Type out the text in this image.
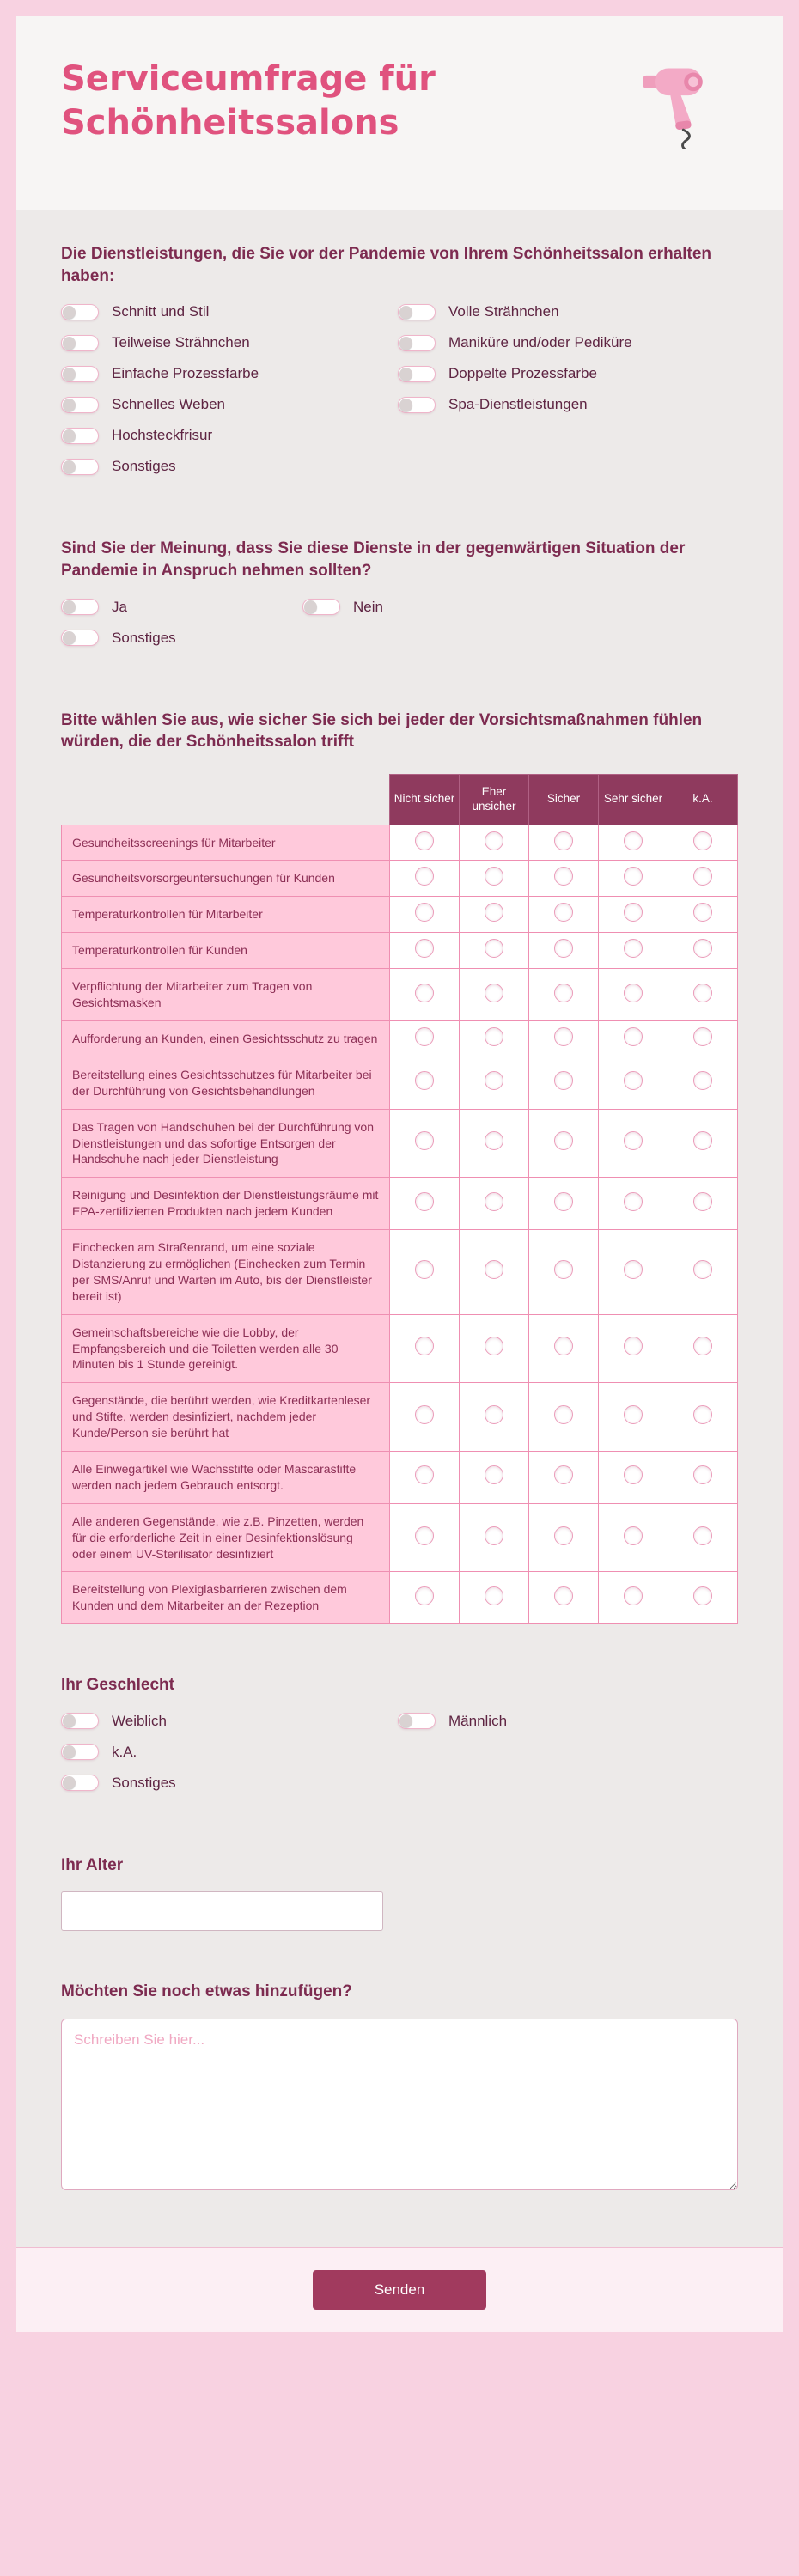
Serviceumfrage für Schönheitssalons
Die Dienstleistungen, die Sie vor der Pandemie von Ihrem Schönheitssalon erhalten haben:
Schnitt und Stil
Teilweise Strähnchen
Einfache Prozessfarbe
Schnelles Weben
Hochsteckfrisur
Sonstiges
Volle Strähnchen
Maniküre und/oder Pediküre
Doppelte Prozessfarbe
Spa-Dienstleistungen
Sind Sie der Meinung, dass Sie diese Dienste in der gegenwärtigen Situation der Pandemie in Anspruch nehmen sollten?
Ja
Sonstiges
Nein
Bitte wählen Sie aus, wie sicher Sie sich bei jeder der Vorsichtsmaßnahmen fühlen würden, die der Schönheitssalon trifft
	Nicht sicher	Eher unsicher	Sicher	Sehr sicher	k.A.
Gesundheitsscreenings für Mitarbeiter					
Gesundheitsvorsorgeuntersuchungen für Kunden					
Temperaturkontrollen für Mitarbeiter					
Temperaturkontrollen für Kunden					
Verpflichtung der Mitarbeiter zum Tragen von Gesichtsmasken					
Aufforderung an Kunden, einen Gesichtsschutz zu tragen					
Bereitstellung eines Gesichtsschutzes für Mitarbeiter bei der Durchführung von Gesichtsbehandlungen					
Das Tragen von Handschuhen bei der Durchführung von Dienstleistungen und das sofortige Entsorgen der Handschuhe nach jeder Dienstleistung					
Reinigung und Desinfektion der Dienstleistungsräume mit EPA-zertifizierten Produkten nach jedem Kunden					
Einchecken am Straßenrand, um eine soziale Distanzierung zu ermöglichen (Einchecken zum Termin per SMS/Anruf und Warten im Auto, bis der Dienstleister bereit ist)					
Gemeinschaftsbereiche wie die Lobby, der Empfangsbereich und die Toiletten werden alle 30 Minuten bis 1 Stunde gereinigt.					
Gegenstände, die berührt werden, wie Kreditkartenleser und Stifte, werden desinfiziert, nachdem jeder Kunde/Person sie berührt hat					
Alle Einwegartikel wie Wachsstifte oder Mascarastifte werden nach jedem Gebrauch entsorgt.					
Alle anderen Gegenstände, wie z.B. Pinzetten, werden für die erforderliche Zeit in einer Desinfektionslösung oder einem UV-Sterilisator desinfiziert					
Bereitstellung von Plexiglasbarrieren zwischen dem Kunden und dem Mitarbeiter an der Rezeption					
Ihr Geschlecht
Weiblich
k.A.
Sonstiges
Männlich
Ihr Alter
Möchten Sie noch etwas hinzufügen?
Schreiben Sie hier...
Senden
